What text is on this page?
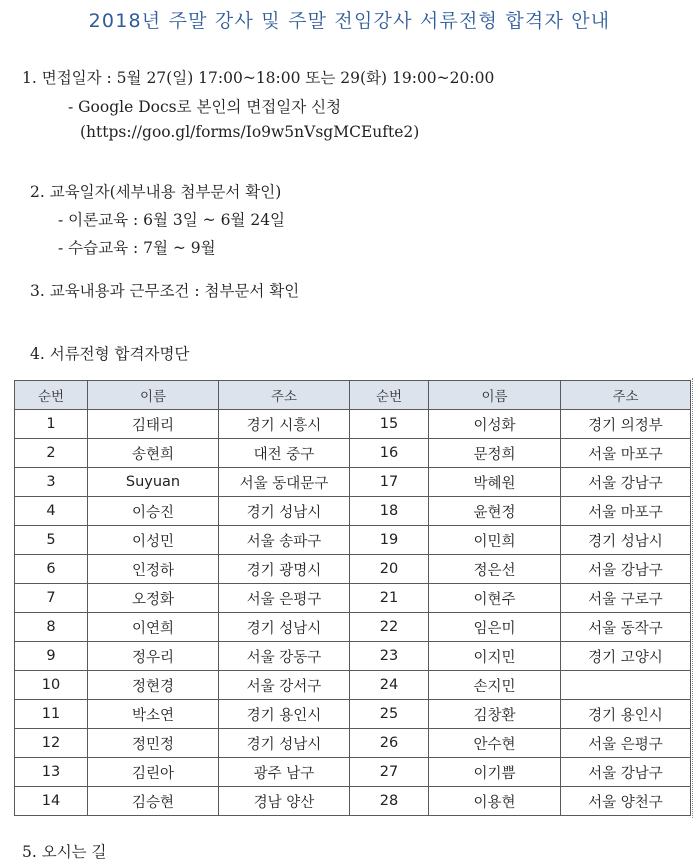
2018년 주말 강사 및 주말 전임강사 서류전형 합격자 안내
1. 면접일자 : 5월 27(일) 17:00~18:00 또는 29(화) 19:00~20:00
- Google Docs로 본인의 면접일자 신청
(https://goo.gl/forms/Io9w5nVsgMCEufte2)
2. 교육일자(세부내용 첨부문서 확인)
- 이론교육 : 6월 3일 ~ 6월 24일
- 수습교육 : 7월 ~ 9월
3. 교육내용과 근무조건 : 첨부문서 확인
4. 서류전형 합격자명단
순번	이름	주소	순번	이름	주소
1	김태리	경기 시흥시	15	이성화	경기 의정부
2	송현희	대전 중구	16	문정희	서울 마포구
3	Suyuan	서울 동대문구	17	박혜원	서울 강남구
4	이승진	경기 성남시	18	윤현정	서울 마포구
5	이성민	서울 송파구	19	이민희	경기 성남시
6	인정하	경기 광명시	20	정은선	서울 강남구
7	오정화	서울 은평구	21	이현주	서울 구로구
8	이연희	경기 성남시	22	임은미	서울 동작구
9	정우리	서울 강동구	23	이지민	경기 고양시
10	정현경	서울 강서구	24	손지민	
11	박소연	경기 용인시	25	김창환	경기 용인시
12	정민정	경기 성남시	26	안수현	서울 은평구
13	김린아	광주 남구	27	이기쁨	서울 강남구
14	김승현	경남 양산	28	이용현	서울 양천구
5. 오시는 길
